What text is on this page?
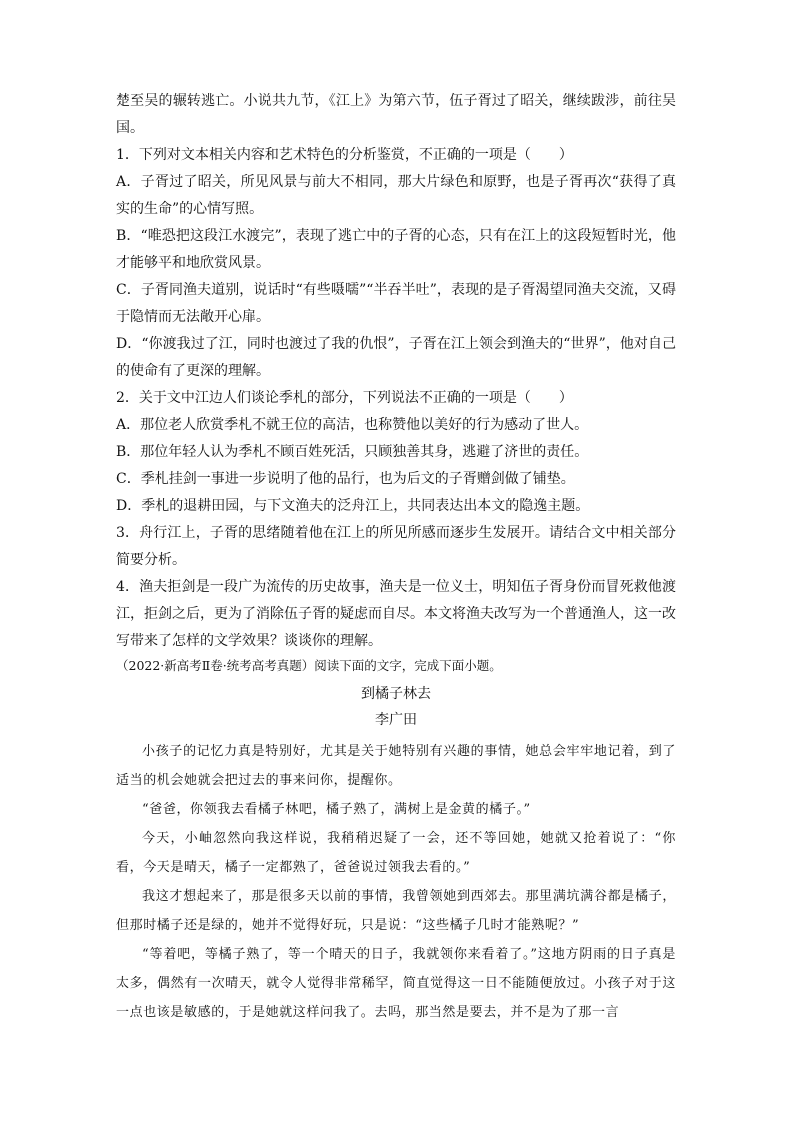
楚至吴的辗转逃亡。小说共九节，《江上》为第六节，伍子胥过了昭关，继续跋涉，前往吴国。

1．下列对文本相关内容和艺术特色的分析鉴赏，不正确的一项是（　　）

A．子胥过了昭关，所见风景与前大不相同，那大片绿色和原野，也是子胥再次“获得了真实的生命”的心情写照。

B．“唯恐把这段江水渡完”，表现了逃亡中的子胥的心态，只有在江上的这段短暂时光，他才能够平和地欣赏风景。

C．子胥同渔夫道别，说话时“有些嗫嚅”“半吞半吐”，表现的是子胥渴望同渔夫交流，又碍于隐情而无法敞开心扉。

D．“你渡我过了江，同时也渡过了我的仇恨”，子胥在江上领会到渔夫的“世界”，他对自己的使命有了更深的理解。

2．关于文中江边人们谈论季札的部分，下列说法不正确的一项是（　　）

A．那位老人欣赏季札不就王位的高洁，也称赞他以美好的行为感动了世人。

B．那位年轻人认为季札不顾百姓死活，只顾独善其身，逃避了济世的责任。

C．季札挂剑一事进一步说明了他的品行，也为后文的子胥赠剑做了铺垫。

D．季札的退耕田园，与下文渔夫的泛舟江上，共同表达出本文的隐逸主题。

3．舟行江上，子胥的思绪随着他在江上的所见所感而逐步生发展开。请结合文中相关部分简要分析。

4．渔夫拒剑是一段广为流传的历史故事，渔夫是一位义士，明知伍子胥身份而冒死救他渡江，拒剑之后，更为了消除伍子胥的疑虑而自尽。本文将渔夫改写为一个普通渔人，这一改写带来了怎样的文学效果？谈谈你的理解。

（2022·新高考Ⅱ卷·统考高考真题）阅读下面的文字，完成下面小题。

到橘子林去

李广田

小孩子的记忆力真是特别好，尤其是关于她特别有兴趣的事情，她总会牢牢地记着，到了适当的机会她就会把过去的事来问你，提醒你。

“爸爸，你领我去看橘子林吧，橘子熟了，满树上是金黄的橘子。”

今天，小岫忽然向我这样说，我稍稍迟疑了一会，还不等回她，她就又抢着说了：“你看，今天是晴天，橘子一定都熟了，爸爸说过领我去看的。”

我这才想起来了，那是很多天以前的事情，我曾领她到西郊去。那里满坑满谷都是橘子，但那时橘子还是绿的，她并不觉得好玩，只是说：“这些橘子几时才能熟呢？”

“等着吧，等橘子熟了，等一个晴天的日子，我就领你来看着了。”这地方阴雨的日子真是太多，偶然有一次晴天，就令人觉得非常稀罕，简直觉得这一日不能随便放过。小孩子对于这一点也该是敏感的，于是她就这样问我了。去吗，那当然是要去，并不是为了那一言
